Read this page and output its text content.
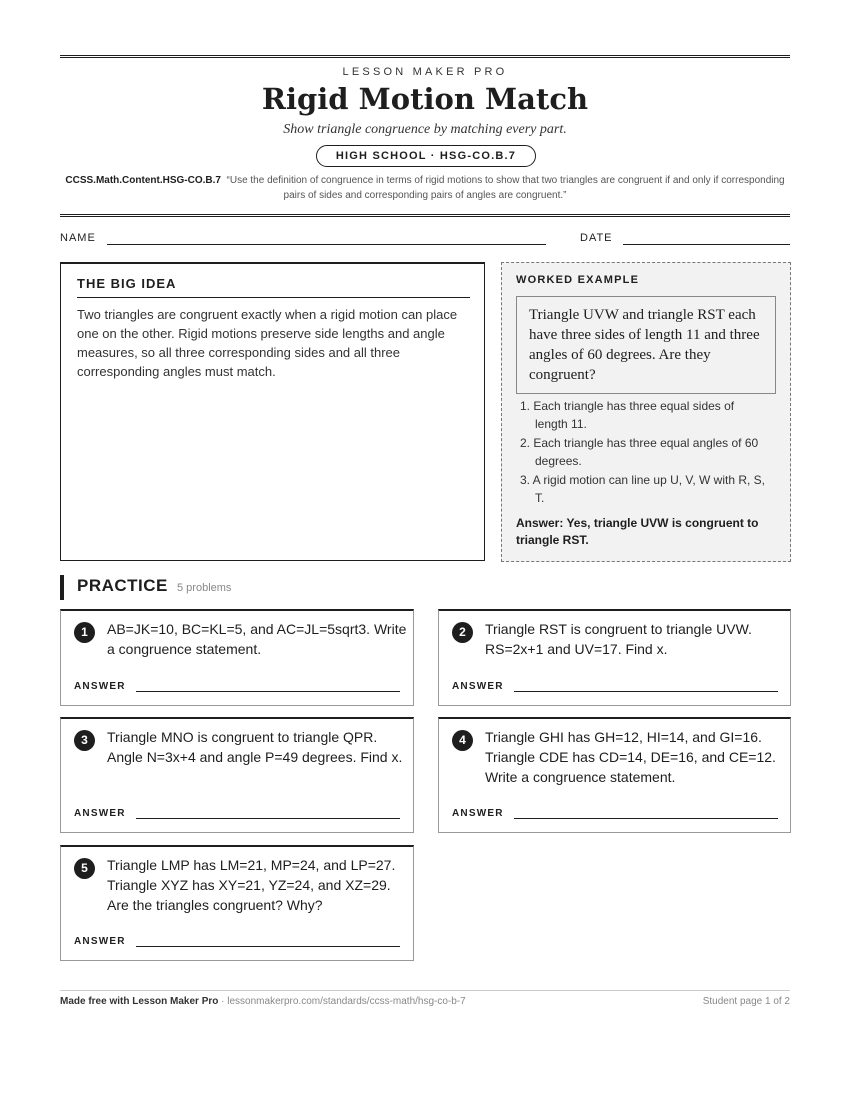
LESSON MAKER PRO
Rigid Motion Match
Show triangle congruence by matching every part.
HIGH SCHOOL · HSG-CO.B.7
CCSS.Math.Content.HSG-CO.B.7 “Use the definition of congruence in terms of rigid motions to show that two triangles are congruent if and only if corresponding pairs of sides and corresponding pairs of angles are congruent.”
NAME	DATE
THE BIG IDEA
Two triangles are congruent exactly when a rigid motion can place one on the other. Rigid motions preserve side lengths and angle measures, so all three corresponding sides and all three corresponding angles must match.
WORKED EXAMPLE
Triangle UVW and triangle RST each have three sides of length 11 and three angles of 60 degrees. Are they congruent?
1. Each triangle has three equal sides of length 11.
2. Each triangle has three equal angles of 60 degrees.
3. A rigid motion can line up U, V, W with R, S, T.
Answer: Yes, triangle UVW is congruent to triangle RST.
PRACTICE 5 problems
1	AB=JK=10, BC=KL=5, and AC=JL=5sqrt3. Write a congruence statement.
ANSWER
2	Triangle RST is congruent to triangle UVW. RS=2x+1 and UV=17. Find x.
ANSWER
3	Triangle MNO is congruent to triangle QPR. Angle N=3x+4 and angle P=49 degrees. Find x.
ANSWER
4	Triangle GHI has GH=12, HI=14, and GI=16. Triangle CDE has CD=14, DE=16, and CE=12. Write a congruence statement.
ANSWER
5	Triangle LMP has LM=21, MP=24, and LP=27. Triangle XYZ has XY=21, YZ=24, and XZ=29. Are the triangles congruent? Why?
ANSWER
Made free with Lesson Maker Pro · lessonmakerpro.com/standards/ccss-math/hsg-co-b-7	Student page 1 of 2
